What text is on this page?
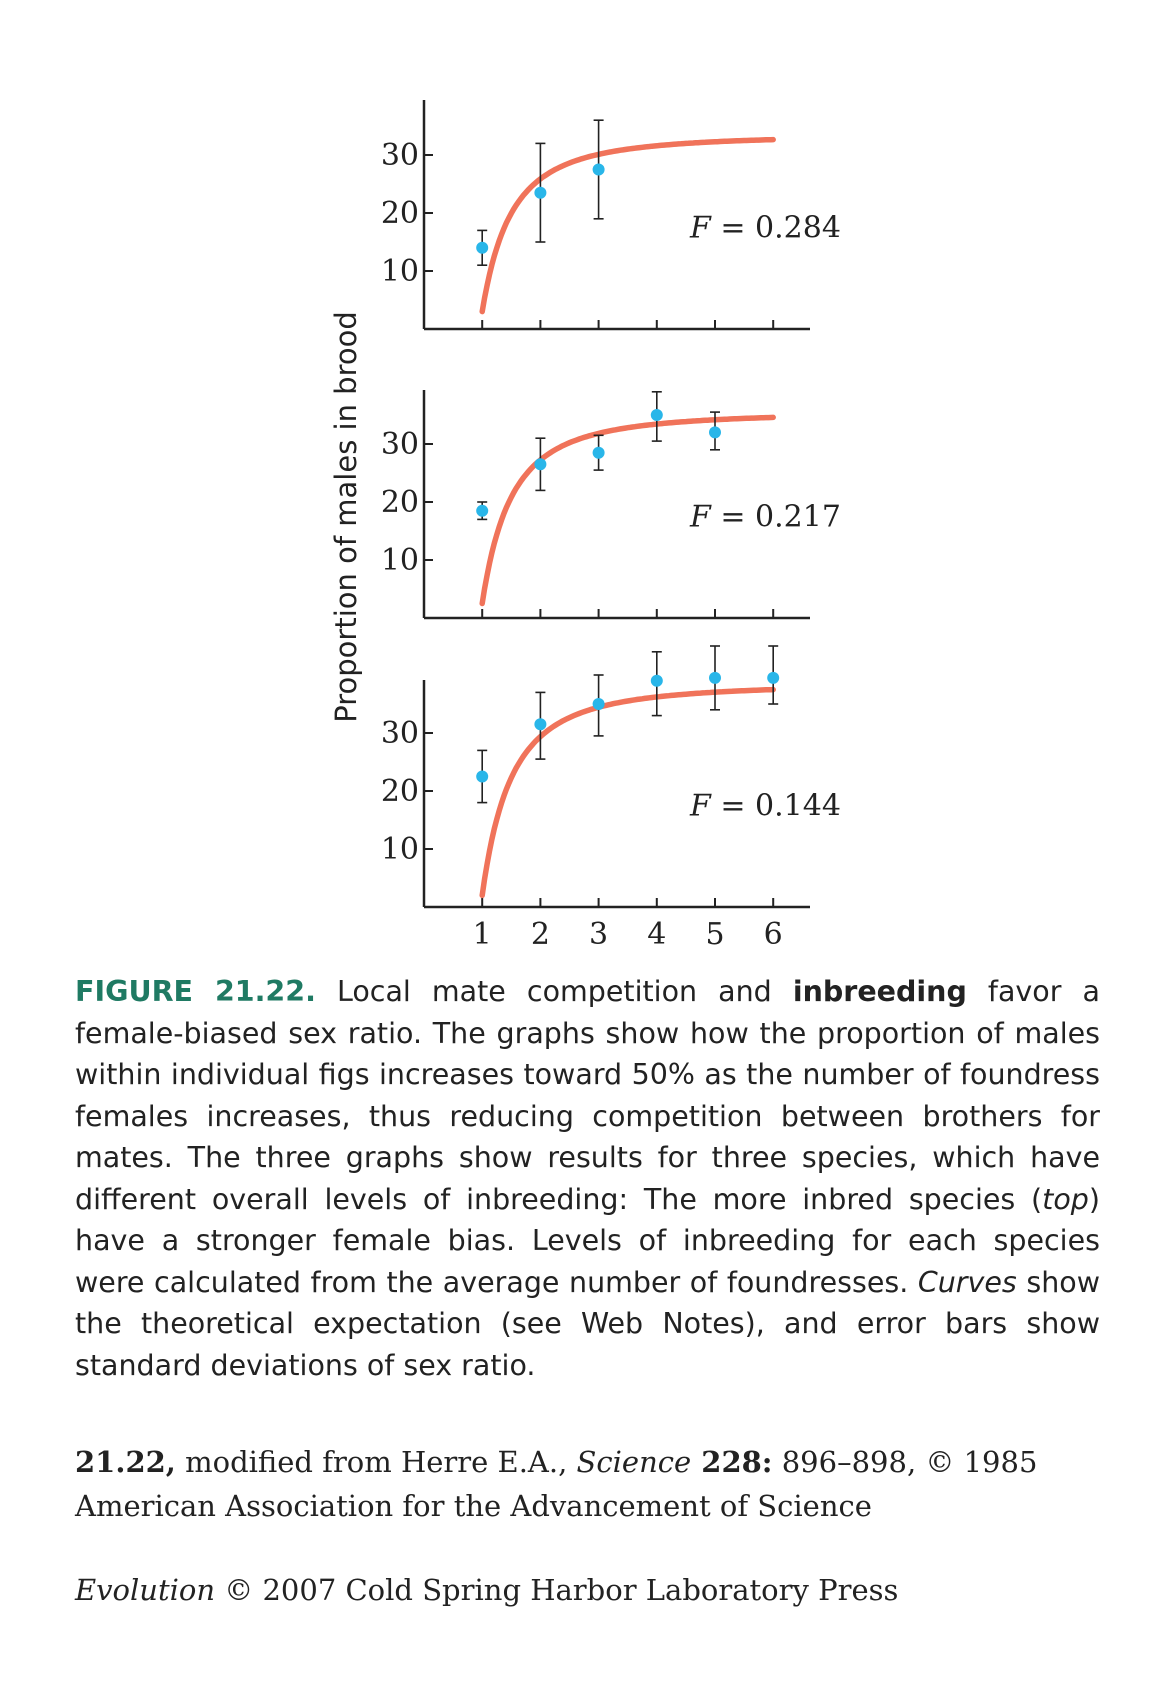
Proportion of males in brood
10
20
30
F = 0.284
10
20
30
F = 0.217
10
20
30
1 2 3 4 5 6
F = 0.144

FIGURE 21.22. Local mate competition and inbreeding favor a female-biased sex ratio. The graphs show how the proportion of males within individual figs increases toward 50% as the number of foundress females increases, thus reducing competition between brothers for mates. The three graphs show results for three species, which have different overall levels of inbreeding: The more inbred species (top) have a stronger female bias. Levels of inbreeding for each species were calculated from the average number of foundresses. Curves show the theoretical expectation (see Web Notes), and error bars show standard deviations of sex ratio.

21.22, modified from Herre E.A., Science 228: 896–898, © 1985 American Association for the Advancement of Science

Evolution © 2007 Cold Spring Harbor Laboratory Press
